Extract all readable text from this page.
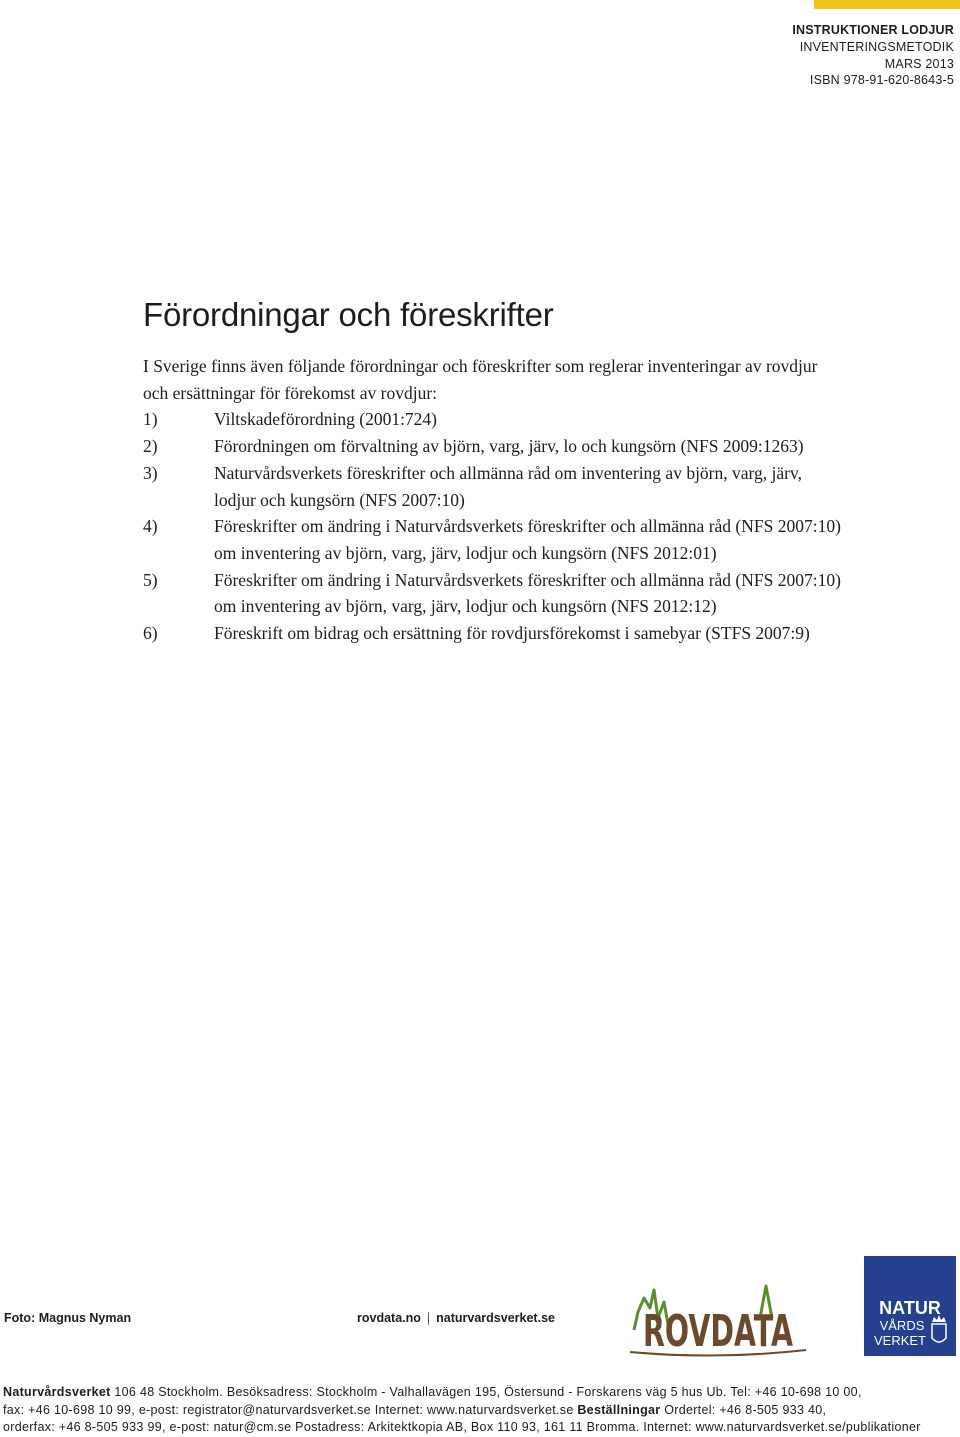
INSTRUKTIONER LODJUR
INVENTERINGSMETODIK
MARS 2013
ISBN 978-91-620-8643-5
Förordningar och föreskrifter

I Sverige finns även följande förordningar och föreskrifter som reglerar inventeringar av rovdjur och ersättningar för förekomst av rovdjur:

1)	Viltskadeförordning (2001:724)
2)	Förordningen om förvaltning av björn, varg, järv, lo och kungsörn (NFS 2009:1263)
3)	Naturvårdsverkets föreskrifter och allmänna råd om inventering av björn, varg, järv, lodjur och kungsörn (NFS 2007:10)
4)	Föreskrifter om ändring i Naturvårdsverkets föreskrifter och allmänna råd (NFS 2007:10) om inventering av björn, varg, järv, lodjur och kungsörn (NFS 2012:01)
5)	Föreskrifter om ändring i Naturvårdsverkets föreskrifter och allmänna råd (NFS 2007:10) om inventering av björn, varg, järv, lodjur och kungsörn (NFS 2012:12)
6)	Föreskrift om bidrag och ersättning för rovdjursförekomst i samebyar (STFS 2007:9)
Foto: Magnus Nyman	rovdata.no | naturvardsverket.se ROVDATA	NATUR
VÅRDS
VERKET
Naturvårdsverket 106 48 Stockholm. Besöksadress: Stockholm - Valhallavägen 195, Östersund - Forskarens väg 5 hus Ub. Tel: +46 10-698 10 00,
fax: +46 10-698 10 99, e-post: registrator@naturvardsverket.se Internet: www.naturvardsverket.se Beställningar Ordertel: +46 8-505 933 40,
orderfax: +46 8-505 933 99, e-post: natur@cm.se Postadress: Arkitektkopia AB, Box 110 93, 161 11 Bromma. Internet: www.naturvardsverket.se/publikationer
